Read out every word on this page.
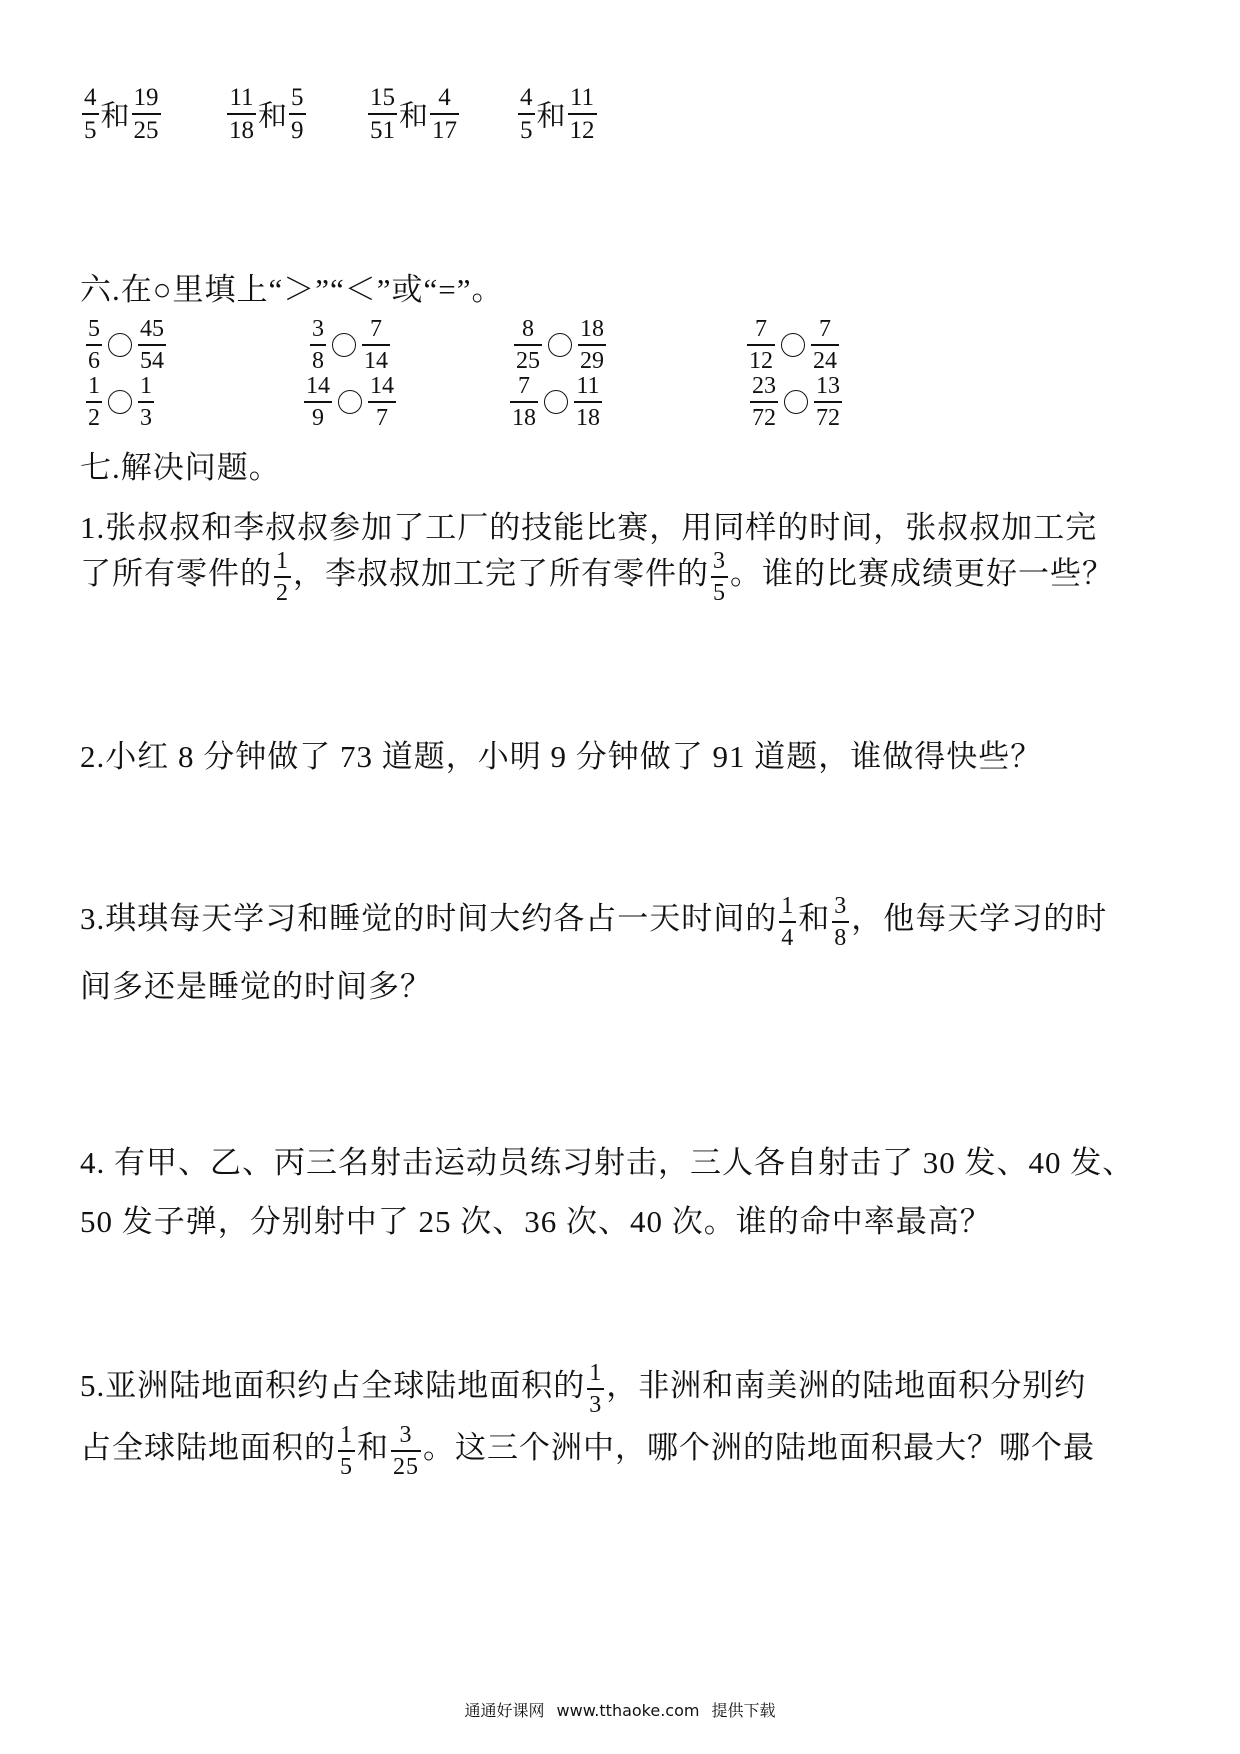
$\frac{4}{5}$ 和 $\frac{19}{25}$	$\frac{11}{18}$ 和 $\frac{5}{9} \frac{15}{51}$ 和 $\frac{4}{17} \frac{4}{5}$ 和 $\frac{11}{12}$
六.在○里填上“＞”“＜”或“=”。
$\frac{5}{6} \frac{45}{54}$	$\frac{3}{8} \frac{7}{14}$	$\frac{8}{25} \frac{18}{29}$	$\frac{7}{12} \frac{7}{24}$
$\frac{1}{2} \frac{1}{3}$	$\frac{14}{9} \frac{14}{7}$	$\frac{7}{18} \frac{11}{18}$	$\frac{23}{72} \frac{13}{72}$
七.解决问题。
1.张叔叔和李叔叔参加了工厂的技能比赛，用同样的时间，张叔叔加工完
了所有零件的 $\frac{1}{2}$ ，李叔叔加工完了所有零件的 $\frac{3}{5}$ 。谁的比赛成绩更好一些？
2.小红 8 分钟做了 73 道题，小明 9 分钟做了 91 道题，谁做得快些？
3.琪琪每天学习和睡觉的时间大约各占一天时间的 $\frac{1}{4}$ 和 $\frac{3}{8}$ ，他每天学习的时
间多还是睡觉的时间多？
4. 有甲、乙、丙三名射击运动员练习射击，三人各自射击了 30 发、40 发、
50 发子弹，分别射中了 25 次、36 次、40 次。谁的命中率最高？
5.亚洲陆地面积约占全球陆地面积的 $\frac{1}{3}$ ，非洲和南美洲的陆地面积分别约
占全球陆地面积的 $\frac{1}{5}$ 和 $\frac{3}{25}$ 。这三个洲中，哪个洲的陆地面积最大？哪个最
通通好课网 www.tthaoke.com 提供下载
